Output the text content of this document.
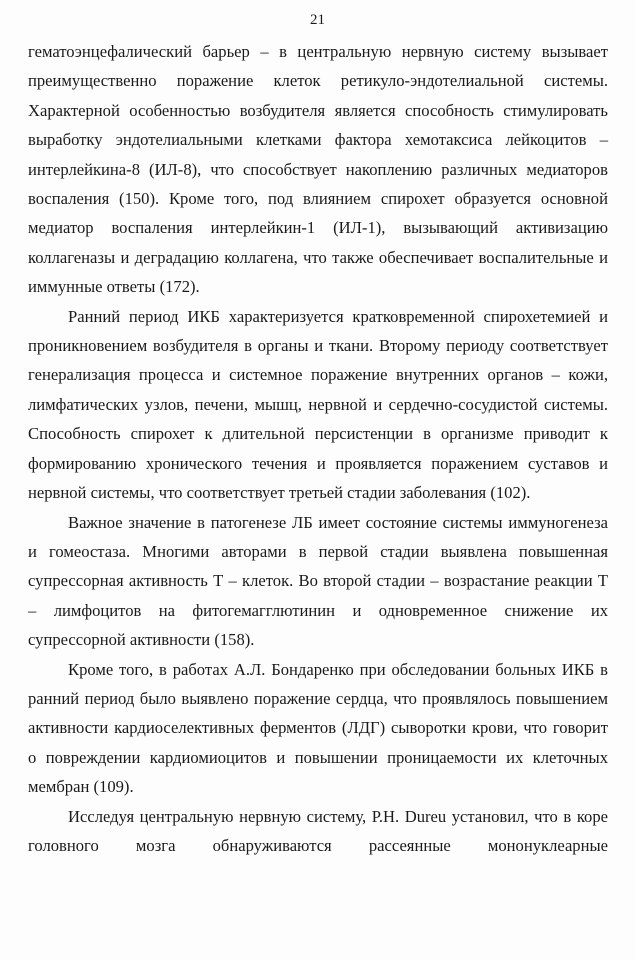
21

гематоэнцефалический барьер – в центральную нервную систему вызывает преимущественно поражение клеток ретикуло-эндотелиальной системы. Характерной особенностью возбудителя является способность стимулировать выработку эндотелиальными клетками фактора хемотаксиса лейкоцитов – интерлейкина-8 (ИЛ-8), что способствует накоплению различных медиаторов воспаления (150). Кроме того, под влиянием спирохет образуется основной медиатор воспаления интерлейкин-1 (ИЛ-1), вызывающий активизацию коллагеназы и деградацию коллагена, что также обеспечивает воспалительные и иммунные ответы (172).

Ранний период ИКБ характеризуется кратковременной спирохетемией и проникновением возбудителя в органы и ткани. Второму периоду соответствует генерализация процесса и системное поражение внутренних органов – кожи, лимфатических узлов, печени, мышц, нервной и сердечно-сосудистой системы. Способность спирохет к длительной персистенции в организме приводит к формированию хронического течения и проявляется поражением суставов и нервной системы, что соответствует третьей стадии заболевания (102).

Важное значение в патогенезе ЛБ имеет состояние системы иммуногенеза и гомеостаза. Многими авторами в первой стадии выявлена повышенная супрессорная активность Т – клеток. Во второй стадии – возрастание реакции Т – лимфоцитов на фитогемагглютинин и одновременное снижение их супрессорной активности (158).

Кроме того, в работах А.Л. Бондаренко при обследовании больных ИКБ в ранний период было выявлено поражение сердца, что проявлялось повышением активности кардиоселективных ферментов (ЛДГ) сыворотки крови, что говорит о повреждении кардиомиоцитов и повышении проницаемости их клеточных мембран (109).

Исследуя центральную нервную систему, Р.Н. Dureu установил, что в коре головного мозга обнаруживаются рассеянные мононуклеарные
